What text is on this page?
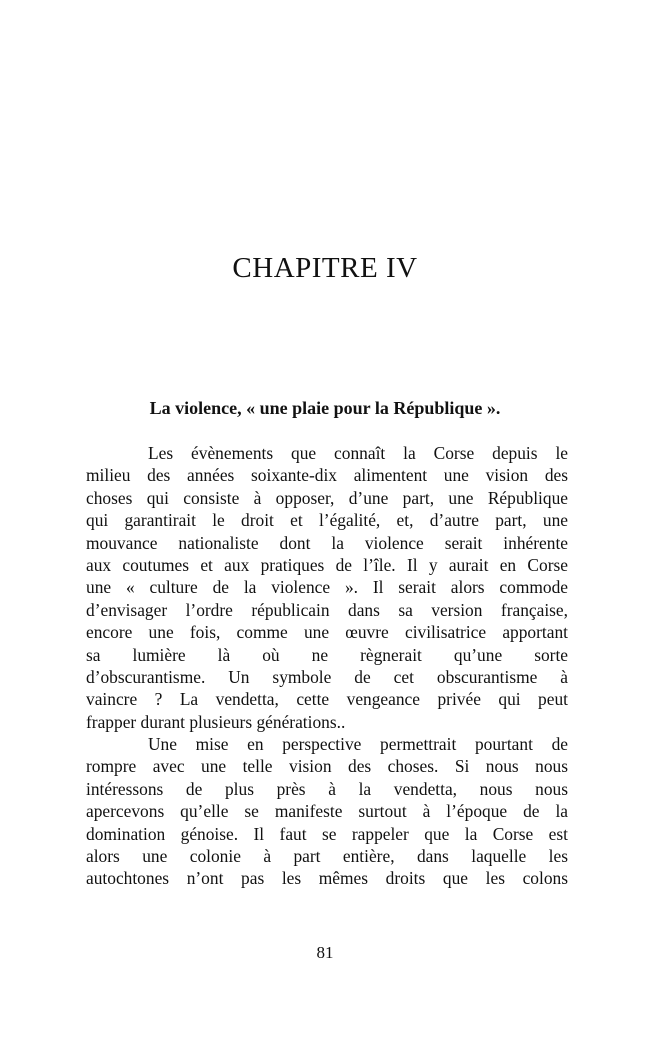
CHAPITRE IV
La violence, « une plaie pour la République ».
Les évènements que connaît la Corse depuis le
milieu des années soixante-dix alimentent une vision des
choses qui consiste à opposer, d’une part, une République
qui garantirait le droit et l’égalité, et, d’autre part, une
mouvance nationaliste dont la violence serait inhérente
aux coutumes et aux pratiques de l’île. Il y aurait en Corse
une « culture de la violence ». Il serait alors commode
d’envisager l’ordre républicain dans sa version française,
encore une fois, comme une œuvre civilisatrice apportant
sa lumière là où ne règnerait qu’une sorte
d’obscurantisme. Un symbole de cet obscurantisme à
vaincre ? La vendetta, cette vengeance privée qui peut
frapper durant plusieurs générations..
Une mise en perspective permettrait pourtant de
rompre avec une telle vision des choses. Si nous nous
intéressons de plus près à la vendetta, nous nous
apercevons qu’elle se manifeste surtout à l’époque de la
domination génoise. Il faut se rappeler que la Corse est
alors une colonie à part entière, dans laquelle les
autochtones n’ont pas les mêmes droits que les colons
81
